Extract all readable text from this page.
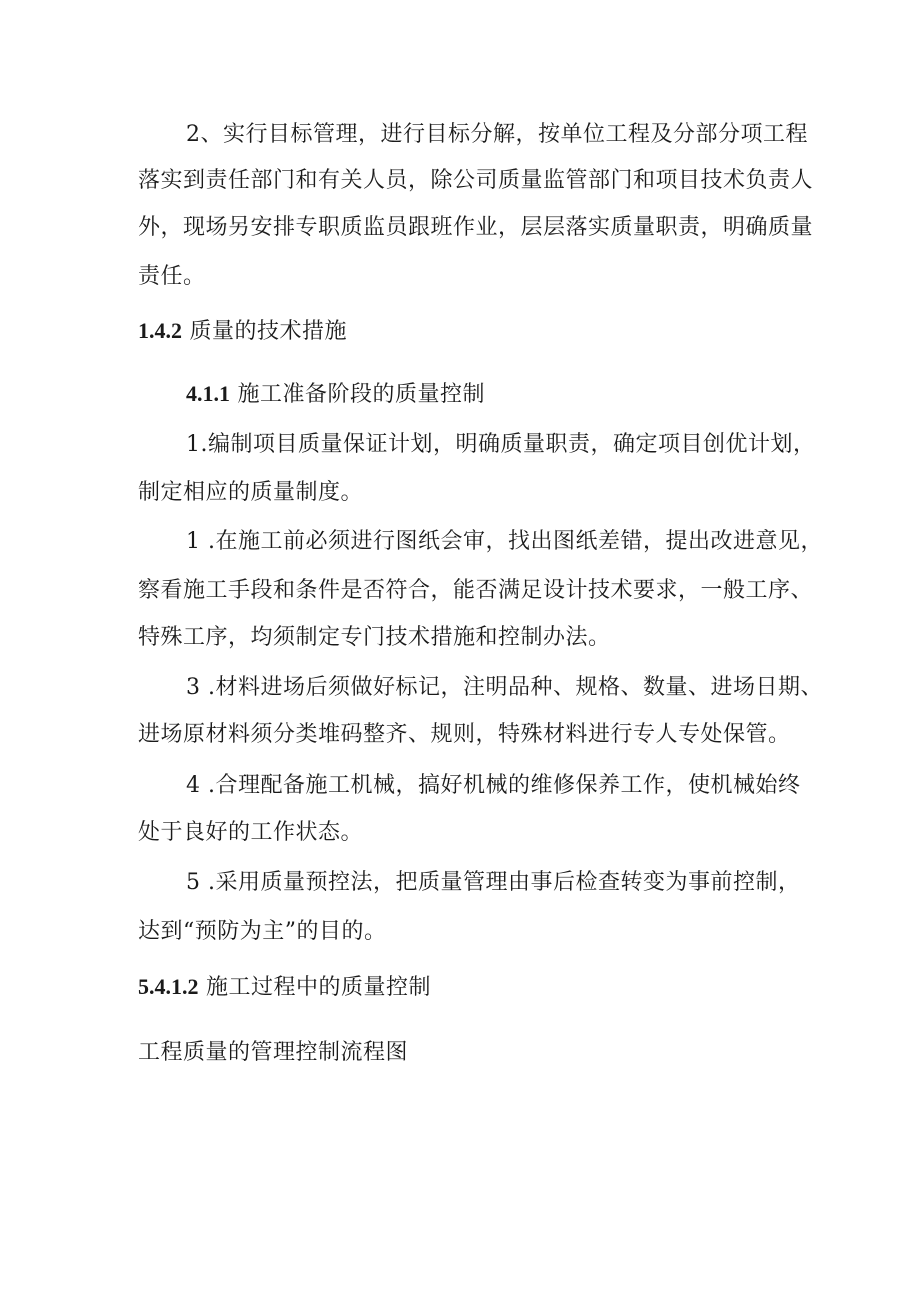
2、实行目标管理，进行目标分解，按单位工程及分部分项工程
落实到责任部门和有关人员，除公司质量监管部门和项目技术负责人
外，现场另安排专职质监员跟班作业，层层落实质量职责，明确质量
责任。
1.4.2 质量的技术措施
4.1.1 施工准备阶段的质量控制
1.编制项目质量保证计划，明确质量职责，确定项目创优计划，
制定相应的质量制度。
1 .在施工前必须进行图纸会审，找出图纸差错，提出改进意见，
察看施工手段和条件是否符合，能否满足设计技术要求，一般工序、
特殊工序，均须制定专门技术措施和控制办法。
3 .材料进场后须做好标记，注明品种、规格、数量、进场日期、
进场原材料须分类堆码整齐、规则，特殊材料进行专人专处保管。
4 .合理配备施工机械，搞好机械的维修保养工作，使机械始终
处于良好的工作状态。
5 .采用质量预控法，把质量管理由事后检查转变为事前控制，
达到“预防为主”的目的。
5.4.1.2 施工过程中的质量控制
工程质量的管理控制流程图
